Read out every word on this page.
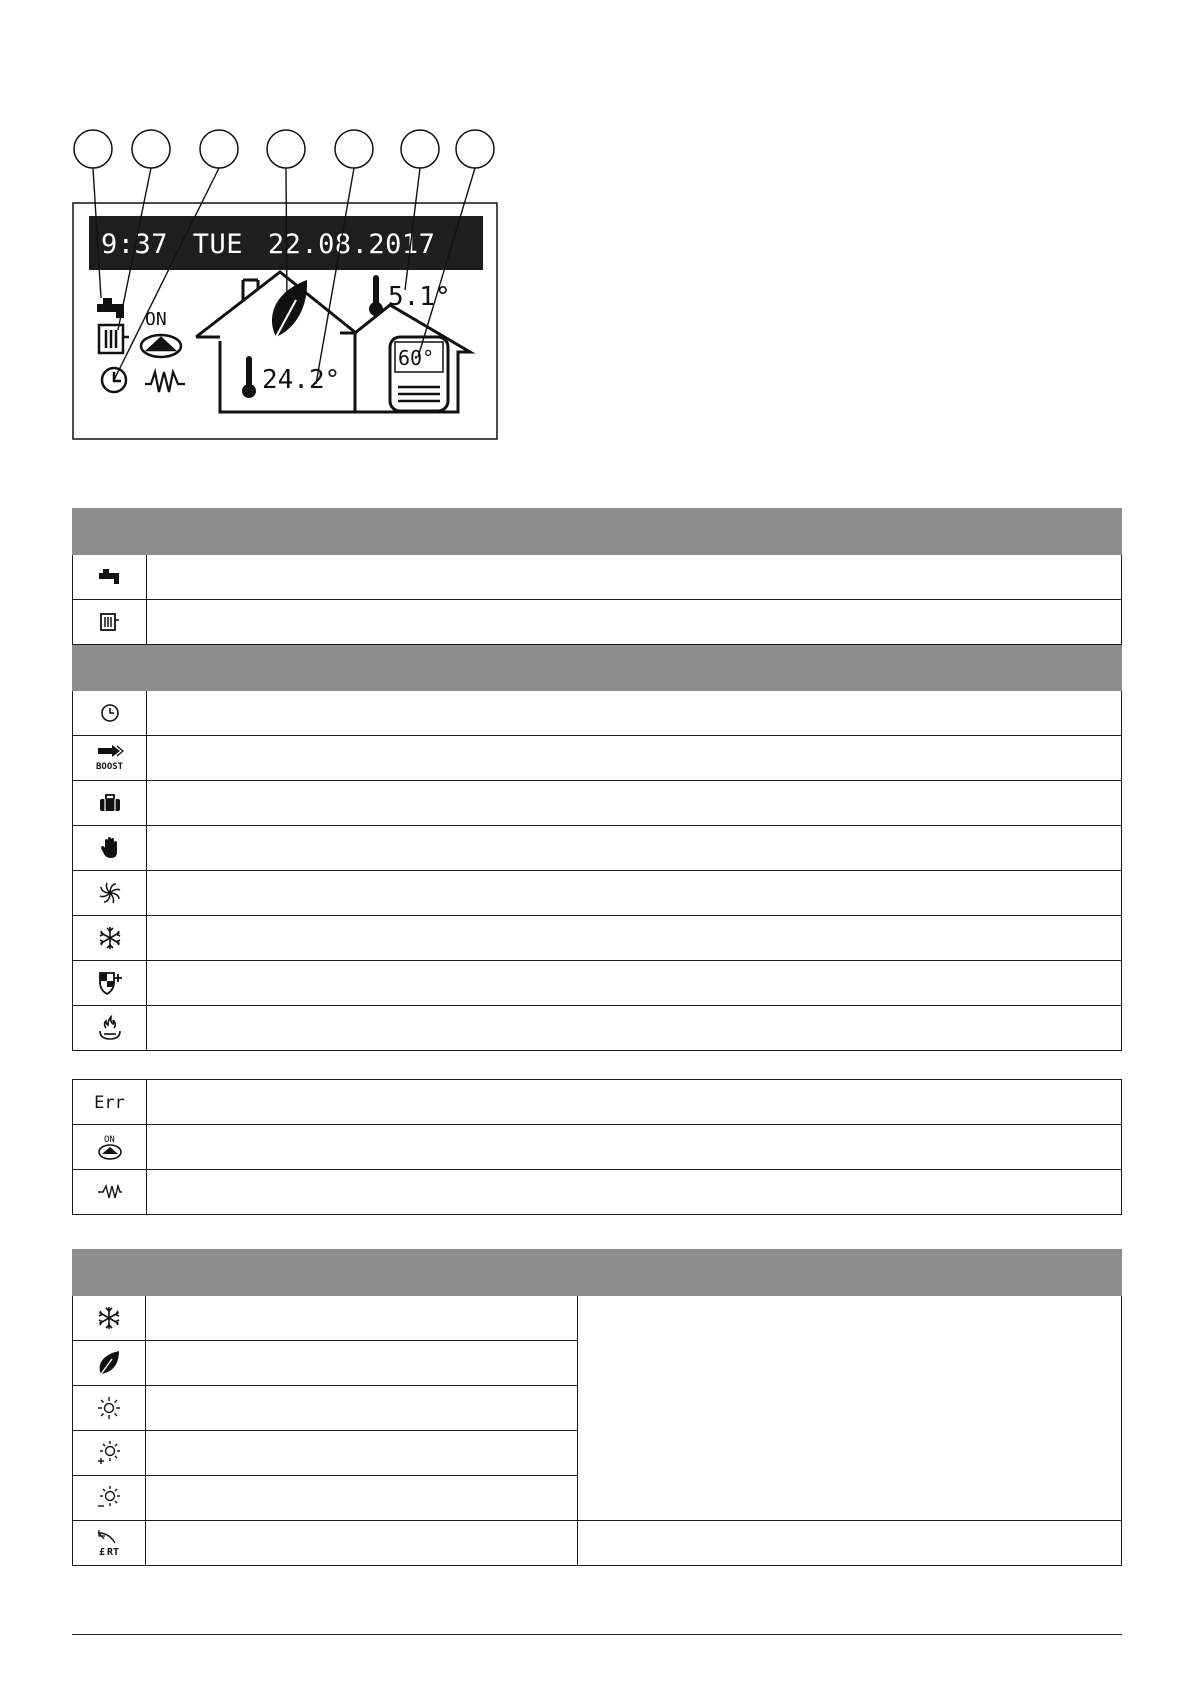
9:37 TUE 22.08.2017
60°
24.2°
5.1°
ON

BOOST	

Err	

ON	

£ RT		
